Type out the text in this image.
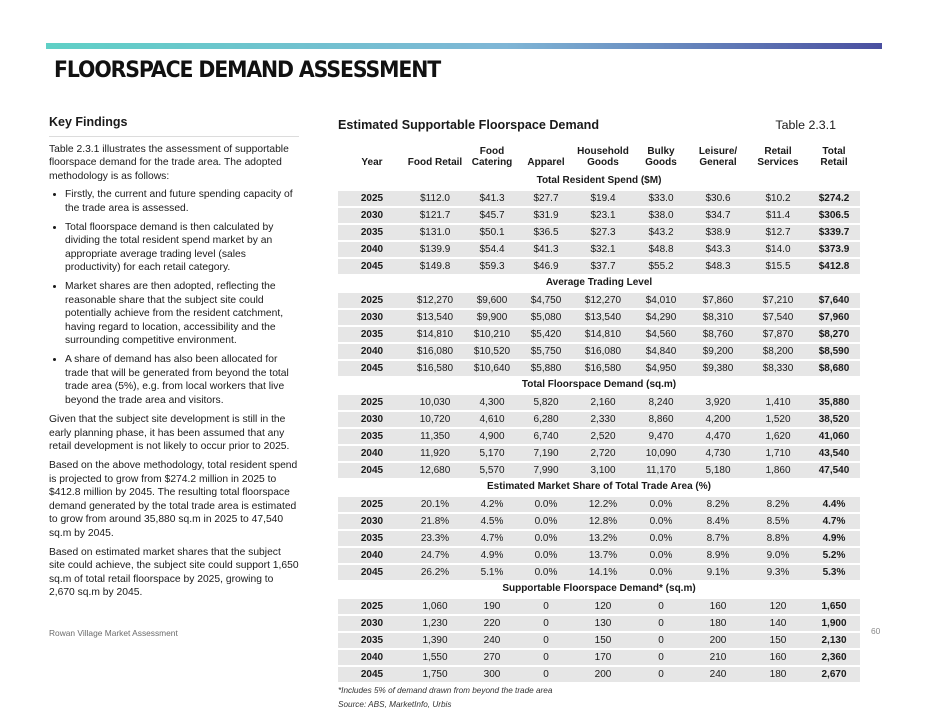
FLOORSPACE DEMAND ASSESSMENT
Key Findings

Table 2.3.1 illustrates the assessment of supportable floorspace demand for the trade area. The adopted methodology is as follows:

• Firstly, the current and future spending capacity of the trade area is assessed.
• Total floorspace demand is then calculated by dividing the total resident spend market by an appropriate average trading level (sales productivity) for each retail category.
• Market shares are then adopted, reflecting the reasonable share that the subject site could potentially achieve from the resident catchment, having regard to location, accessibility and the surrounding competitive environment.
• A share of demand has also been allocated for trade that will be generated from beyond the total trade area (5%), e.g. from local workers that live beyond the trade area and visitors.

Given that the subject site development is still in the early planning phase, it has been assumed that any retail development is not likely to occur prior to 2025.

Based on the above methodology, total resident spend is projected to grow from $274.2 million in 2025 to $412.8 million by 2045. The resulting total floorspace demand generated by the total trade area is estimated to grow from around 35,880 sq.m in 2025 to 47,540 sq.m by 2045.

Based on estimated market shares that the subject site could achieve, the subject site could support 1,650 sq.m of total retail floorspace by 2025, growing to 2,670 sq.m by 2045.

Estimated Supportable Floorspace Demand	Table 2.3.1
Year	Food Retail	Food Catering	Apparel	Household Goods	Bulky Goods	Leisure/ General	Retail Services	Total Retail
Total Resident Spend ($M)								
2025	$112.0	$41.3	$27.7	$19.4	$33.0	$30.6	$10.2	$274.2
2030	$121.7	$45.7	$31.9	$23.1	$38.0	$34.7	$11.4	$306.5
2035	$131.0	$50.1	$36.5	$27.3	$43.2	$38.9	$12.7	$339.7
2040	$139.9	$54.4	$41.3	$32.1	$48.8	$43.3	$14.0	$373.9
2045	$149.8	$59.3	$46.9	$37.7	$55.2	$48.3	$15.5	$412.8
Average Trading Level								
2025	$12,270	$9,600	$4,750	$12,270	$4,010	$7,860	$7,210	$7,640
2030	$13,540	$9,900	$5,080	$13,540	$4,290	$8,310	$7,540	$7,960
2035	$14,810	$10,210	$5,420	$14,810	$4,560	$8,760	$7,870	$8,270
2040	$16,080	$10,520	$5,750	$16,080	$4,840	$9,200	$8,200	$8,590
2045	$16,580	$10,640	$5,880	$16,580	$4,950	$9,380	$8,330	$8,680
Total Floorspace Demand (sq.m)								
2025	10,030	4,300	5,820	2,160	8,240	3,920	1,410	35,880
2030	10,720	4,610	6,280	2,330	8,860	4,200	1,520	38,520
2035	11,350	4,900	6,740	2,520	9,470	4,470	1,620	41,060
2040	11,920	5,170	7,190	2,720	10,090	4,730	1,710	43,540
2045	12,680	5,570	7,990	3,100	11,170	5,180	1,860	47,540
Estimated Market Share of Total Trade Area (%)								
2025	20.1%	4.2%	0.0%	12.2%	0.0%	8.2%	8.2%	4.4%
2030	21.8%	4.5%	0.0%	12.8%	0.0%	8.4%	8.5%	4.7%
2035	23.3%	4.7%	0.0%	13.2%	0.0%	8.7%	8.8%	4.9%
2040	24.7%	4.9%	0.0%	13.7%	0.0%	8.9%	9.0%	5.2%
2045	26.2%	5.1%	0.0%	14.1%	0.0%	9.1%	9.3%	5.3%
Supportable Floorspace Demand* (sq.m)								
2025	1,060	190	0	120	0	160	120	1,650
2030	1,230	220	0	130	0	180	140	1,900
2035	1,390	240	0	150	0	200	150	2,130
2040	1,550	270	0	170	0	210	160	2,360
2045	1,750	300	0	200	0	240	180	2,670
*Includes 5% of demand drawn from beyond the trade area
Source: ABS, MarketInfo, Urbis
Rowan Village Market Assessment	60
